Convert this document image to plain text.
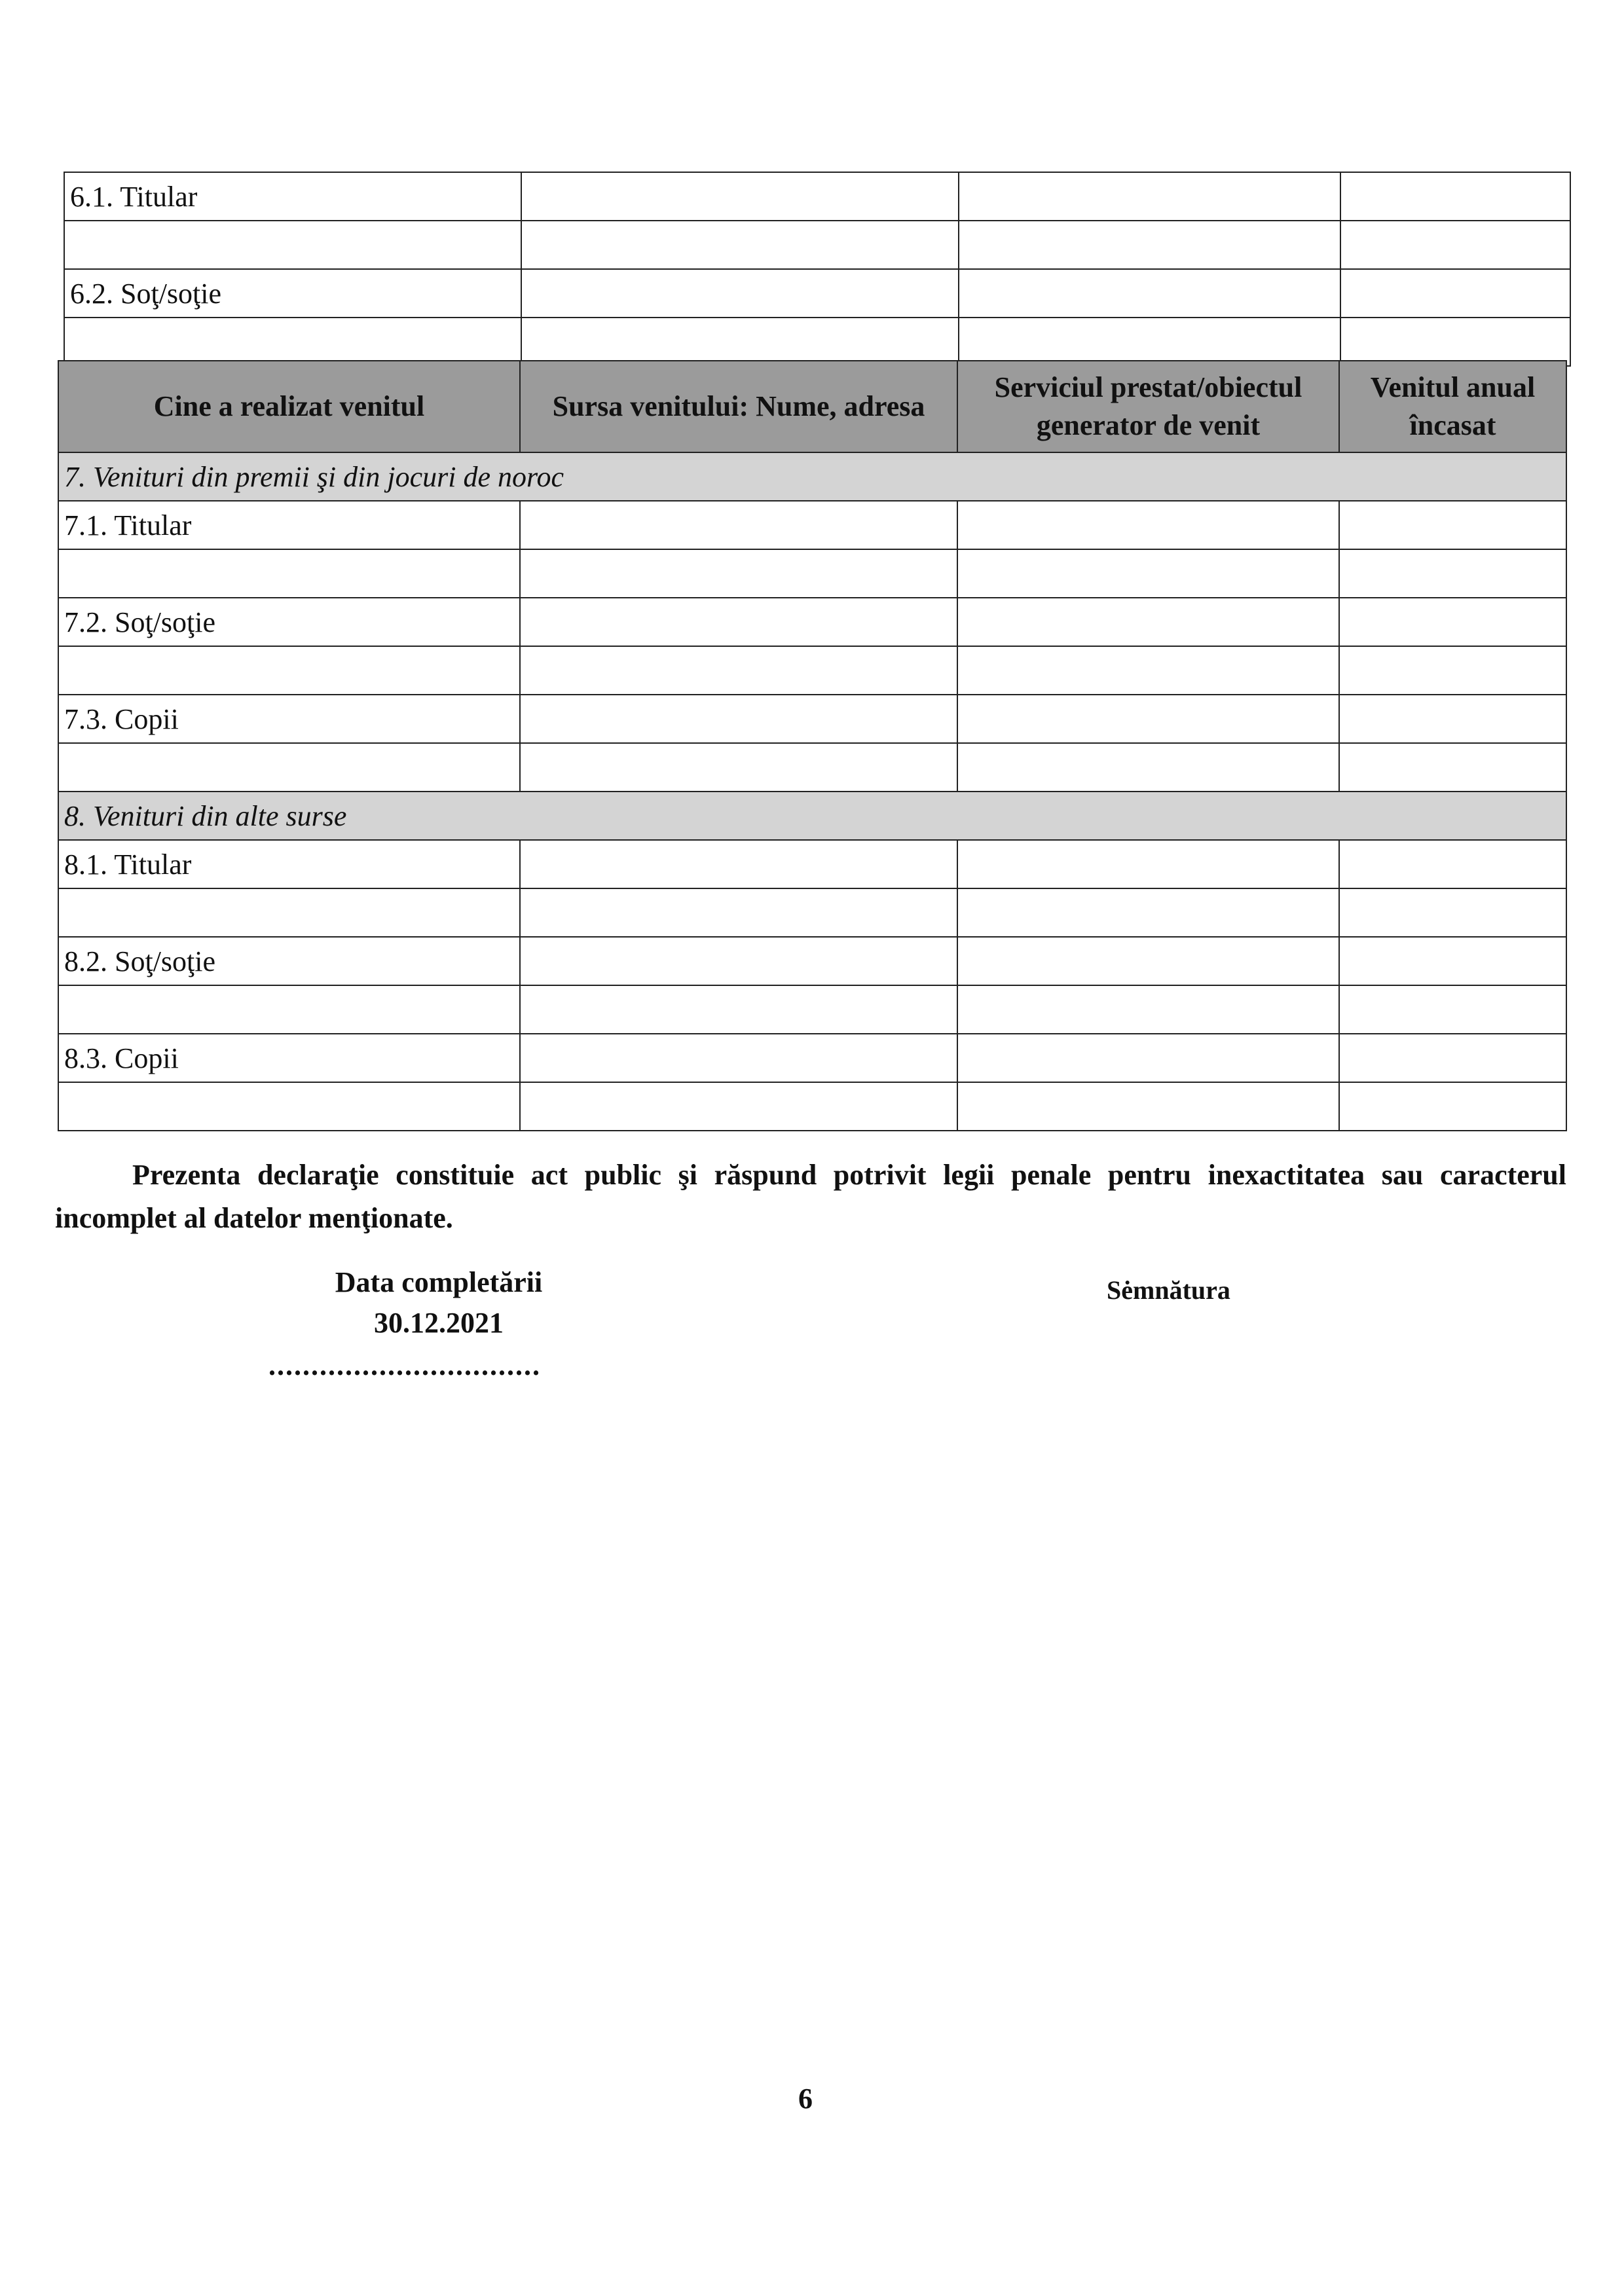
6.1. Titular			

6.2. Soţ/soţie			

Cine a realizat venitul	Sursa venitului: Nume, adresa	Serviciul prestat/obiectul generator de venit	Venitul anual încasat
7. Venituri din premii şi din jocuri de noroc			
7.1. Titular			

7.2. Soţ/soţie			

7.3. Copii			

8. Venituri din alte surse			
8.1. Titular			

8.2. Soţ/soţie			

8.3. Copii			

Prezenta declaraţie constituie act public şi răspund potrivit legii penale pentru inexactitatea sau caracterul incomplet al datelor menţionate.

Data completării
30.12.2021
................................
Sėmnătura
6
